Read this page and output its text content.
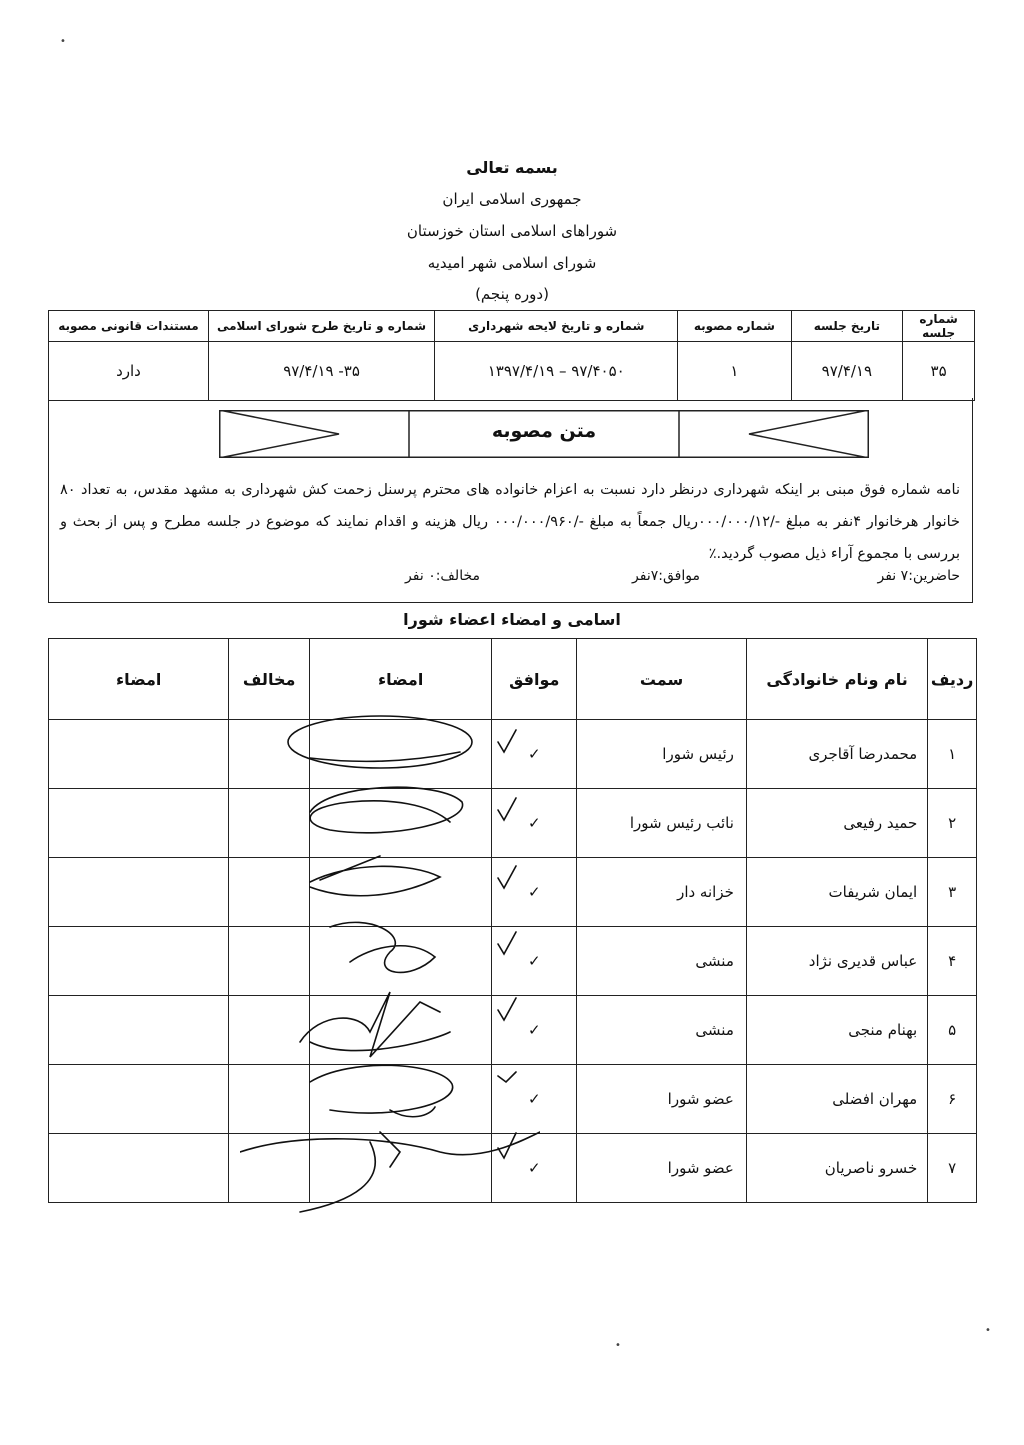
بسمه تعالی
جمهوری اسلامی ایران
شوراهای اسلامی استان خوزستان
شورای اسلامی شهر امیدیه
(دوره پنجم)
شماره جلسه	تاریخ جلسه	شماره مصوبه	شماره و تاریخ لایحه شهرداری	شماره و تاریخ طرح شورای اسلامی	مستندات قانونی مصوبه
۳۵	۹۷/۴/۱۹	۱	۹۷/۴۰۵۰ – ۱۳۹۷/۴/۱۹	۳۵- ۹۷/۴/۱۹	دارد
متن مصوبه
نامه شماره فوق مبنی بر اینکه شهرداری درنظر دارد نسبت به اعزام خانواده های محترم پرسنل زحمت کش شهرداری به مشهد مقدس، به تعداد ۸۰ خانوار هرخانوار ۴نفر به مبلغ -/۰۰۰/۰۰۰/۱۲ریال جمعاً به مبلغ -/۰۰۰/۰۰۰/۹۶۰ ریال هزینه و اقدام نمایند که موضوع در جلسه مطرح و پس از بحث و بررسی با مجموع آراء ذیل مصوب گردید.٪
حاضرین:۷ نفر
موافق:۷نفر
مخالف:۰ نفر
اسامی و امضاء اعضاء شورا
ردیف	نام ونام خانوادگی	سمت	موافق	امضاء	مخالف	امضاء
۱	محمدرضا آقاجری	رئیس شورا	✓			
۲	حمید رفیعی	نائب رئیس شورا	✓			
۳	ایمان شریفات	خزانه دار	✓			
۴	عباس قدیری نژاد	منشی	✓			
۵	بهنام منجی	منشی	✓			
۶	مهران افضلی	عضو شورا	✓			
۷	خسرو ناصریان	عضو شورا	✓			
•
•
•
